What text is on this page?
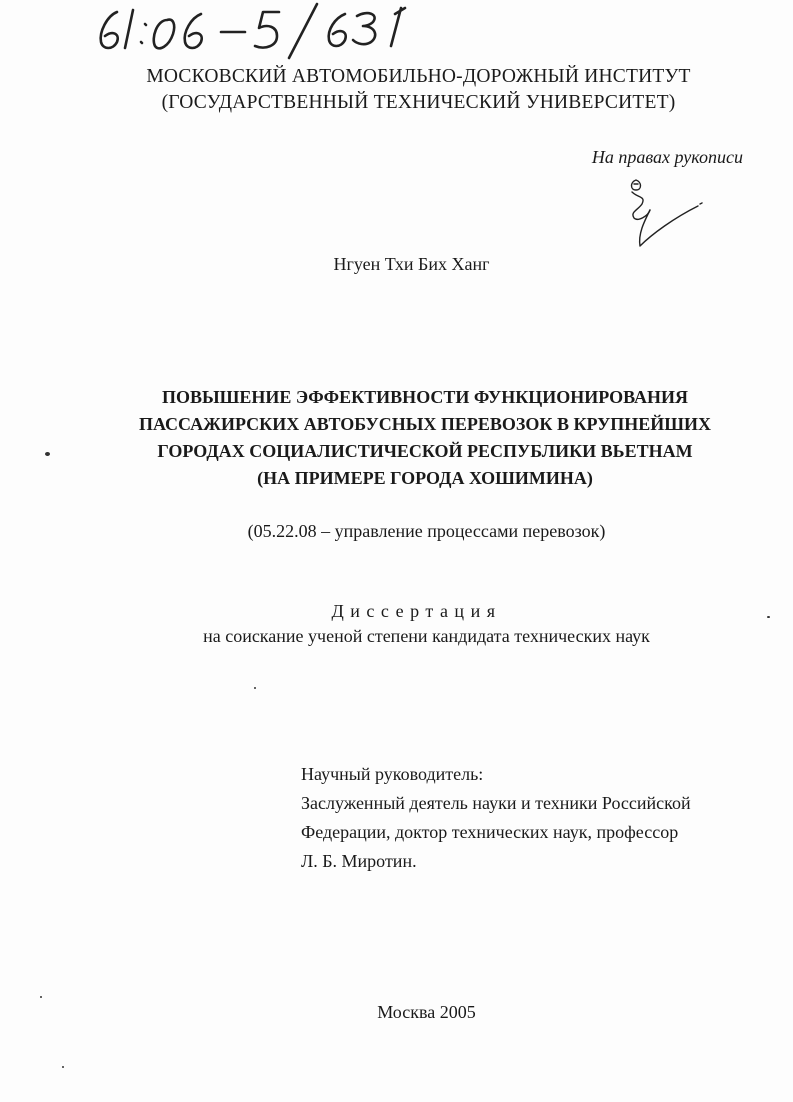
МОСКОВСКИЙ АВТОМОБИЛЬНО-ДОРОЖНЫЙ ИНСТИТУТ
(ГОСУДАРСТВЕННЫЙ ТЕХНИЧЕСКИЙ УНИВЕРСИТЕТ)
На правах рукописи
Нгуен Тхи Бих Ханг
ПОВЫШЕНИЕ ЭФФЕКТИВНОСТИ ФУНКЦИОНИРОВАНИЯ
ПАССАЖИРСКИХ АВТОБУСНЫХ ПЕРЕВОЗОК В КРУПНЕЙШИХ
ГОРОДАХ СОЦИАЛИСТИЧЕСКОЙ РЕСПУБЛИКИ ВЬЕТНАМ
(НА ПРИМЕРЕ ГОРОДА ХОШИМИНА)
(05.22.08 – управление процессами перевозок)
Диссертация
на соискание ученой степени кандидата технических наук
Научный руководитель:
Заслуженный деятель науки и техники Российской
Федерации, доктор технических наук, профессор
Л. Б. Миротин.
Москва 2005
